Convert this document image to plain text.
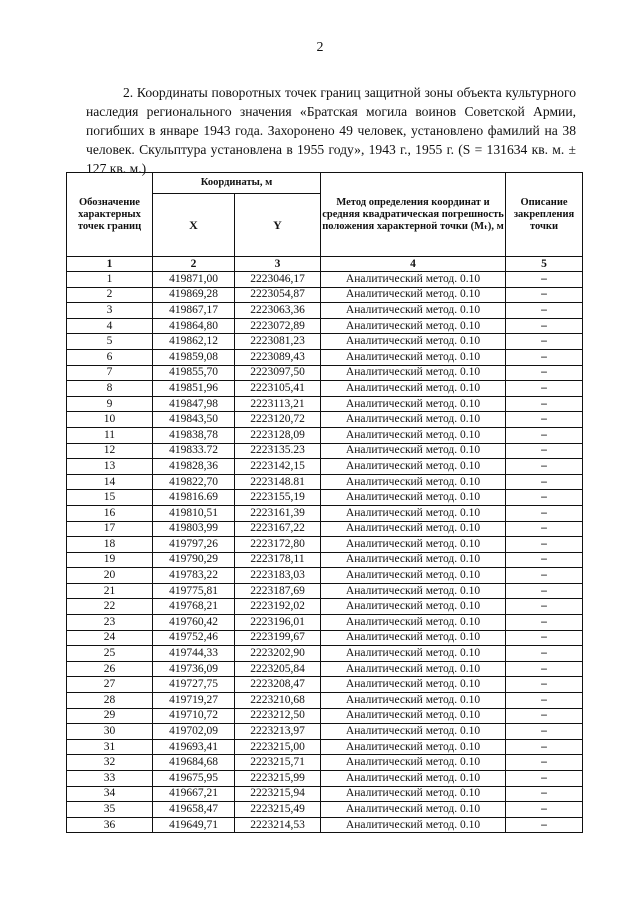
2

2. Координаты поворотных точек границ защитной зоны объекта культурного наследия регионального значения «Братская могила воинов Советской Армии, погибших в январе 1943 года. Захоронено 49 человек, установлено фамилий на 38 человек. Скульптура установлена в 1955 году», 1943 г., 1955 г. (S = 131634 кв. м. ± 127 кв. м.)

Обозначение характерных точек границ	Координаты, м		Метод определения координат и средняя квадратическая погрешность положения характерной точки (Mₜ), м	Описание закрепления точки
	X	Y		
1	2	3	4	5
1	419871,00	2223046,17	Аналитический метод. 0.10	–
2	419869,28	2223054,87	Аналитический метод. 0.10	–
3	419867,17	2223063,36	Аналитический метод. 0.10	–
4	419864,80	2223072,89	Аналитический метод. 0.10	–
5	419862,12	2223081,23	Аналитический метод. 0.10	–
6	419859,08	2223089,43	Аналитический метод. 0.10	–
7	419855,70	2223097,50	Аналитический метод. 0.10	–
8	419851,96	2223105,41	Аналитический метод. 0.10	–
9	419847,98	2223113,21	Аналитический метод. 0.10	–
10	419843,50	2223120,72	Аналитический метод. 0.10	–
11	419838,78	2223128,09	Аналитический метод. 0.10	–
12	419833.72	2223135.23	Аналитический метод. 0.10	–
13	419828,36	2223142,15	Аналитический метод. 0.10	–
14	419822,70	2223148.81	Аналитический метод. 0.10	–
15	419816.69	2223155,19	Аналитический метод. 0.10	–
16	419810,51	2223161,39	Аналитический метод. 0.10	–
17	419803,99	2223167,22	Аналитический метод. 0.10	–
18	419797,26	2223172,80	Аналитический метод. 0.10	–
19	419790,29	2223178,11	Аналитический метод. 0.10	–
20	419783,22	2223183,03	Аналитический метод. 0.10	–
21	419775,81	2223187,69	Аналитический метод. 0.10	–
22	419768,21	2223192,02	Аналитический метод. 0.10	–
23	419760,42	2223196,01	Аналитический метод. 0.10	–
24	419752,46	2223199,67	Аналитический метод. 0.10	–
25	419744,33	2223202,90	Аналитический метод. 0.10	–
26	419736,09	2223205,84	Аналитический метод. 0.10	–
27	419727,75	2223208,47	Аналитический метод. 0.10	–
28	419719,27	2223210,68	Аналитический метод. 0.10	–
29	419710,72	2223212,50	Аналитический метод. 0.10	–
30	419702,09	2223213,97	Аналитический метод. 0.10	–
31	419693,41	2223215,00	Аналитический метод. 0.10	–
32	419684,68	2223215,71	Аналитический метод. 0.10	–
33	419675,95	2223215,99	Аналитический метод. 0.10	–
34	419667,21	2223215,94	Аналитический метод. 0.10	–
35	419658,47	2223215,49	Аналитический метод. 0.10	–
36	419649,71	2223214,53	Аналитический метод. 0.10	–
